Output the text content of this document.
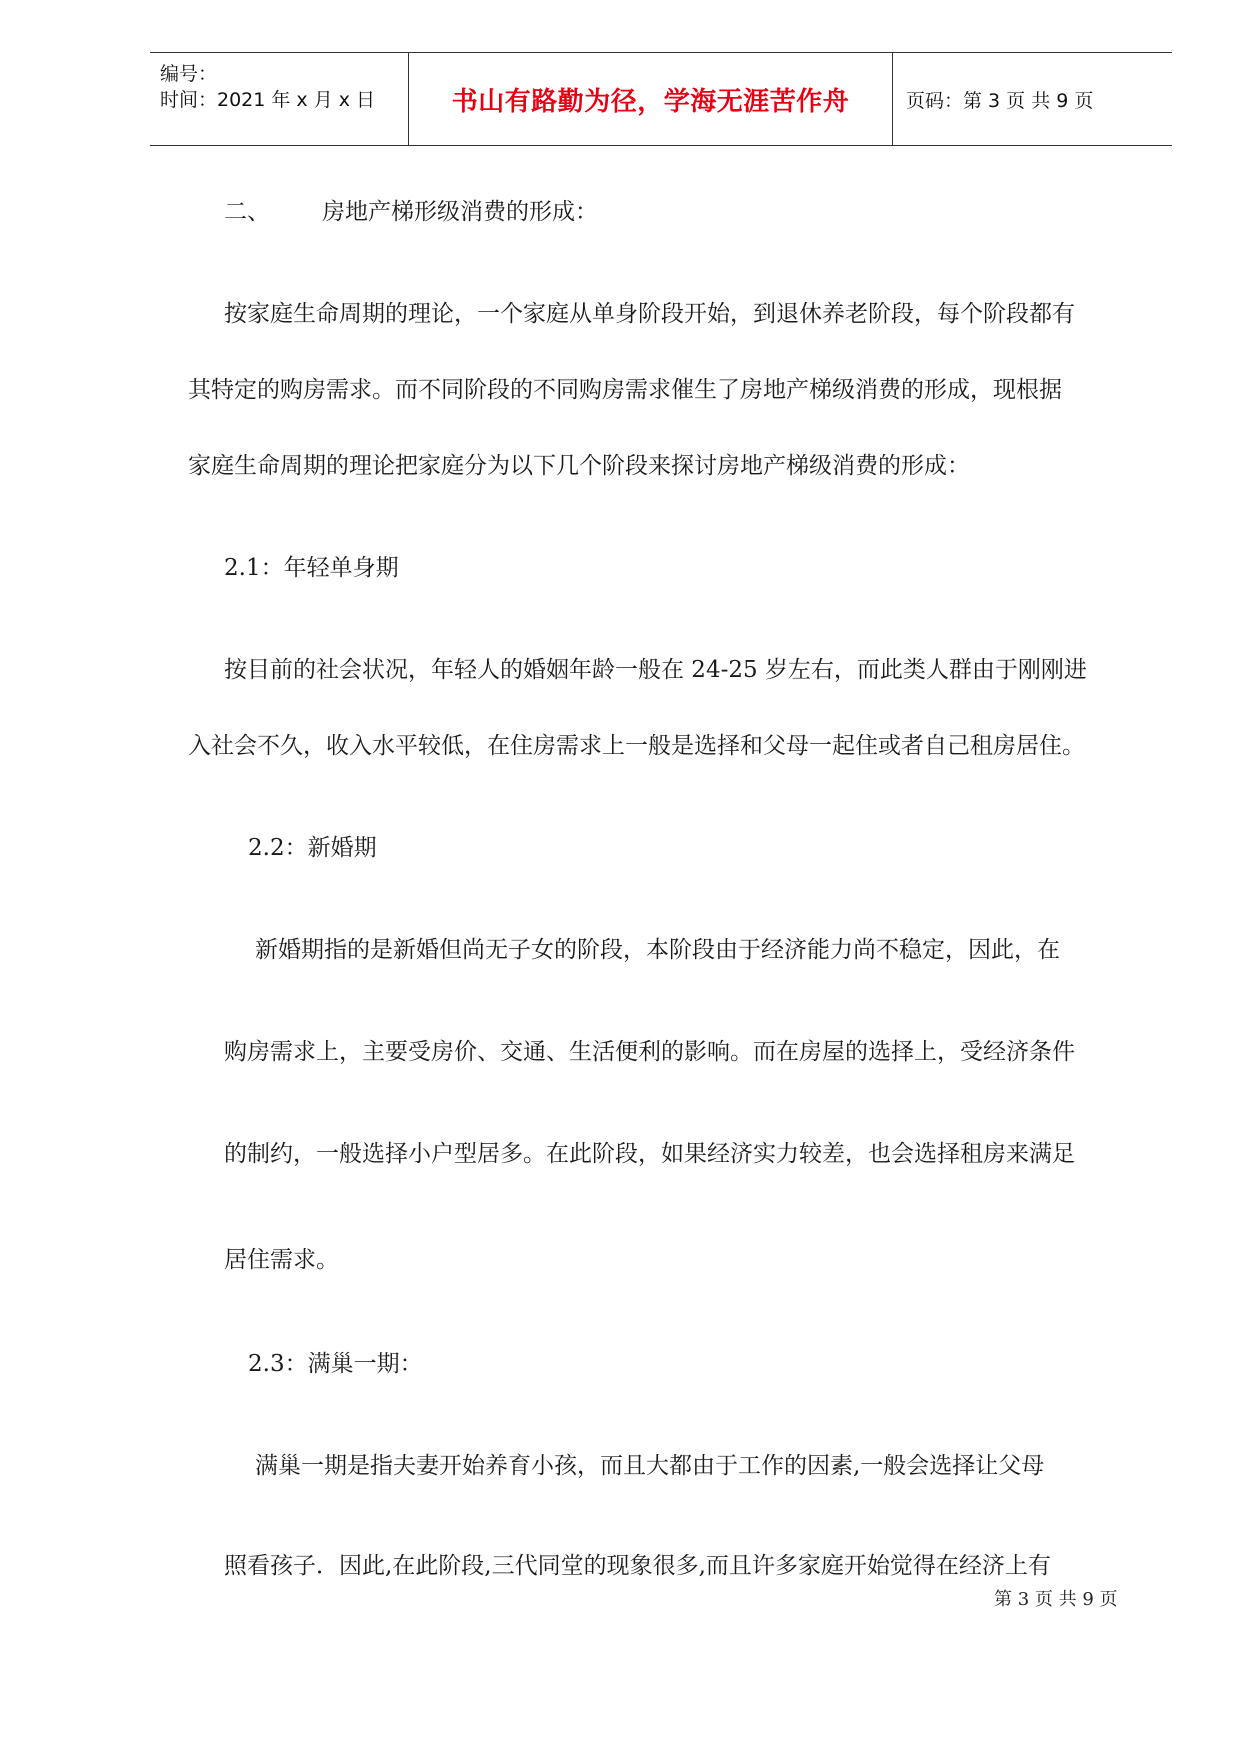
编号：
时间：2021 年 x 月 x 日	书山有路勤为径，学海无涯苦作舟	页码：第 3 页 共 9 页
二、 房地产梯形级消费的形成：
按家庭生命周期的理论，一个家庭从单身阶段开始，到退休养老阶段，每个阶段都有
其特定的购房需求。而不同阶段的不同购房需求催生了房地产梯级消费的形成，现根据
家庭生命周期的理论把家庭分为以下几个阶段来探讨房地产梯级消费的形成：
2.1：年轻单身期
按目前的社会状况，年轻人的婚姻年龄一般在 24-25 岁左右，而此类人群由于刚刚进
入社会不久，收入水平较低，在住房需求上一般是选择和父母一起住或者自己租房居住。
2.2：新婚期
新婚期指的是新婚但尚无子女的阶段，本阶段由于经济能力尚不稳定，因此，在
购房需求上，主要受房价、交通、生活便利的影响。而在房屋的选择上，受经济条件
的制约，一般选择小户型居多。在此阶段，如果经济实力较差，也会选择租房来满足
居住需求。
2.3：满巢一期：
满巢一期是指夫妻开始养育小孩，而且大都由于工作的因素,一般会选择让父母
照看孩子．因此,在此阶段,三代同堂的现象很多,而且许多家庭开始觉得在经济上有
第 3 页 共 9 页
